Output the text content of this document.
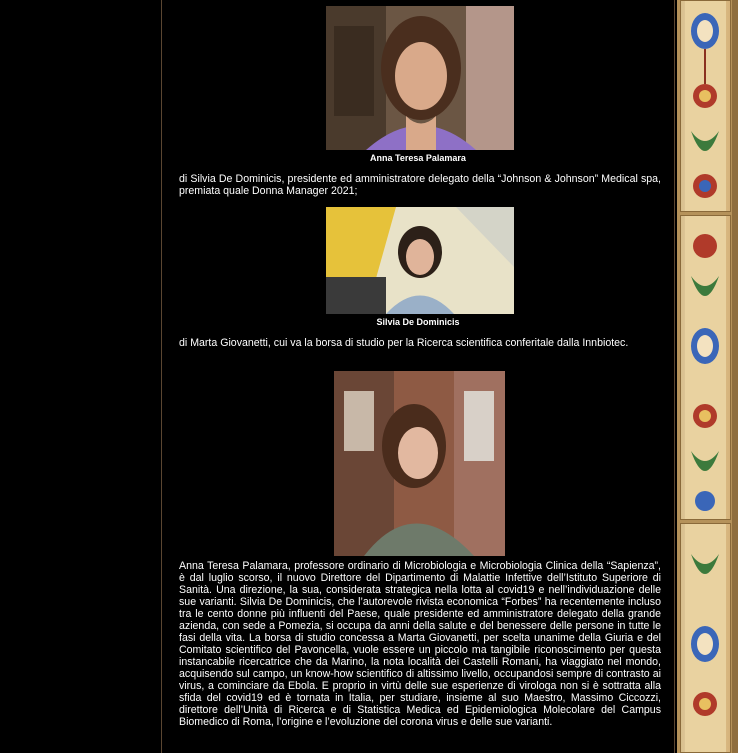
Anna Teresa Palamara

di Silvia De Dominicis, presidente ed amministratore delegato della “Johnson & Johnson” Medical spa, premiata quale Donna Manager 2021;

Silvia De Dominicis

di Marta Giovanetti, cui va la borsa di studio per la Ricerca scientifica conferitale dalla Innbiotec.

Anna Teresa Palamara, professore ordinario di Microbiologia e Microbiologia Clinica della “Sapienza”, è dal luglio scorso, il nuovo Direttore del Dipartimento di Malattie Infettive dell’Istituto Superiore di Sanità. Una direzione, la sua, considerata strategica nella lotta al covid19 e nell’individuazione delle sue varianti. Silvia De Dominicis, che l’autorevole rivista economica “Forbes” ha recentemente incluso tra le cento donne più influenti del Paese, quale presidente ed amministratore delegato della grande azienda, con sede a Pomezia, si occupa da anni della salute e del benessere delle persone in tutte le fasi della vita. La borsa di studio concessa a Marta Giovanetti, per scelta unanime della Giuria e del Comitato scientifico del Pavoncella, vuole essere un piccolo ma tangibile riconoscimento per questa instancabile ricercatrice che da Marino, la nota località dei Castelli Romani, ha viaggiato nel mondo, acquisendo sul campo, un know-how scientifico di altissimo livello, occupandosi sempre di contrasto ai virus, a cominciare da Ebola. E proprio in virtù delle sue esperienze di virologa non si è sottratta alla sfida del covid19 ed è tornata in Italia, per studiare, insieme al suo Maestro, Massimo Ciccozzi, direttore dell’Unità di Ricerca e di Statistica Medica ed Epidemiologica Molecolare del Campus Biomedico di Roma, l’origine e l’evoluzione del corona virus e delle sue varianti.
